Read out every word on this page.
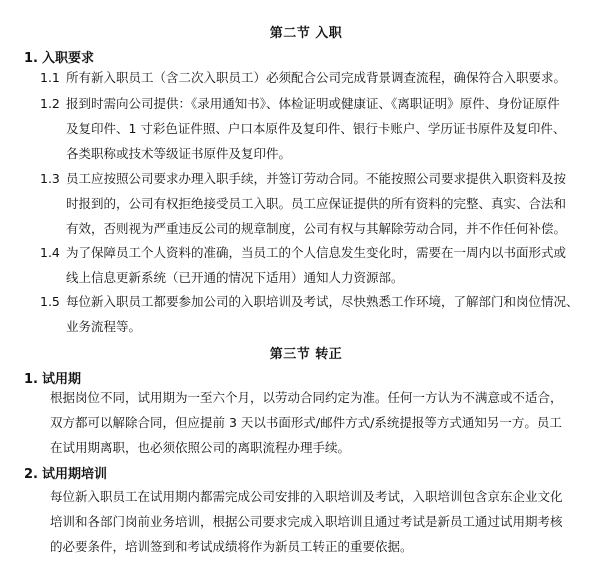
第二节 入职
1. 入职要求
1.1 所有新入职员工（含二次入职员工）必须配合公司完成背景调查流程，确保符合入职要求。
1.2 报到时需向公司提供：《录用通知书》、体检证明或健康证、《离职证明》原件、身份证原件
及复印件、1 寸彩色证件照、户口本原件及复印件、银行卡账户、学历证书原件及复印件、
各类职称或技术等级证书原件及复印件。
1.3 员工应按照公司要求办理入职手续，并签订劳动合同。不能按照公司要求提供入职资料及按
时报到的，公司有权拒绝接受员工入职。员工应保证提供的所有资料的完整、真实、合法和
有效，否则视为严重违反公司的规章制度，公司有权与其解除劳动合同，并不作任何补偿。
1.4 为了保障员工个人资料的准确，当员工的个人信息发生变化时，需要在一周内以书面形式或
线上信息更新系统（已开通的情况下适用）通知人力资源部。
1.5 每位新入职员工都要参加公司的入职培训及考试，尽快熟悉工作环境，了解部门和岗位情况、
业务流程等。
第三节 转正
1. 试用期
根据岗位不同，试用期为一至六个月，以劳动合同约定为准。任何一方认为不满意或不适合，
双方都可以解除合同，但应提前 3 天以书面形式/邮件方式/系统提报等方式通知另一方。员工
在试用期离职，也必须依照公司的离职流程办理手续。
2. 试用期培训
每位新入职员工在试用期内都需完成公司安排的入职培训及考试，入职培训包含京东企业文化
培训和各部门岗前业务培训，根据公司要求完成入职培训且通过考试是新员工通过试用期考核
的必要条件，培训签到和考试成绩将作为新员工转正的重要依据。
